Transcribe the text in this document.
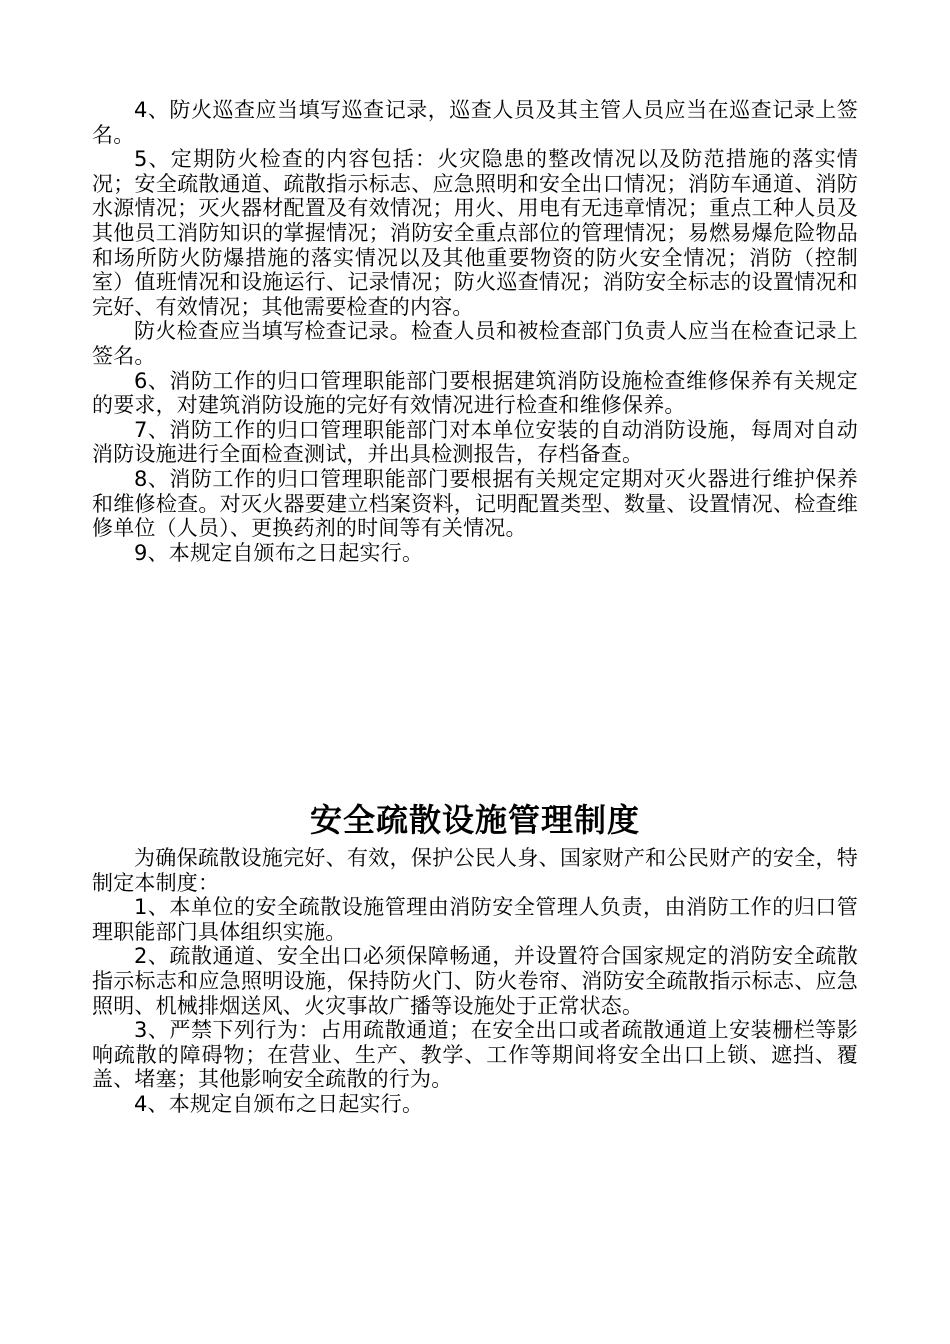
4、防火巡查应当填写巡查记录，巡查人员及其主管人员应当在巡查记录上签名。

5、定期防火检查的内容包括：火灾隐患的整改情况以及防范措施的落实情况；安全疏散通道、疏散指示标志、应急照明和安全出口情况；消防车通道、消防水源情况；灭火器材配置及有效情况；用火、用电有无违章情况；重点工种人员及其他员工消防知识的掌握情况；消防安全重点部位的管理情况；易燃易爆危险物品和场所防火防爆措施的落实情况以及其他重要物资的防火安全情况；消防（控制室）值班情况和设施运行、记录情况；防火巡查情况；消防安全标志的设置情况和完好、有效情况；其他需要检查的内容。

防火检查应当填写检查记录。检查人员和被检查部门负责人应当在检查记录上签名。

6、消防工作的归口管理职能部门要根据建筑消防设施检查维修保养有关规定的要求，对建筑消防设施的完好有效情况进行检查和维修保养。

7、消防工作的归口管理职能部门对本单位安装的自动消防设施，每周对自动消防设施进行全面检查测试，并出具检测报告，存档备查。

8、消防工作的归口管理职能部门要根据有关规定定期对灭火器进行维护保养和维修检查。对灭火器要建立档案资料，记明配置类型、数量、设置情况、检查维修单位（人员）、更换药剂的时间等有关情况。

9、本规定自颁布之日起实行。

安全疏散设施管理制度

为确保疏散设施完好、有效，保护公民人身、国家财产和公民财产的安全，特制定本制度：

1、本单位的安全疏散设施管理由消防安全管理人负责，由消防工作的归口管理职能部门具体组织实施。

2、疏散通道、安全出口必须保障畅通，并设置符合国家规定的消防安全疏散指示标志和应急照明设施，保持防火门、防火卷帘、消防安全疏散指示标志、应急照明、机械排烟送风、火灾事故广播等设施处于正常状态。

3、严禁下列行为：占用疏散通道；在安全出口或者疏散通道上安装栅栏等影响疏散的障碍物；在营业、生产、教学、工作等期间将安全出口上锁、遮挡、覆盖、堵塞；其他影响安全疏散的行为。

4、本规定自颁布之日起实行。
